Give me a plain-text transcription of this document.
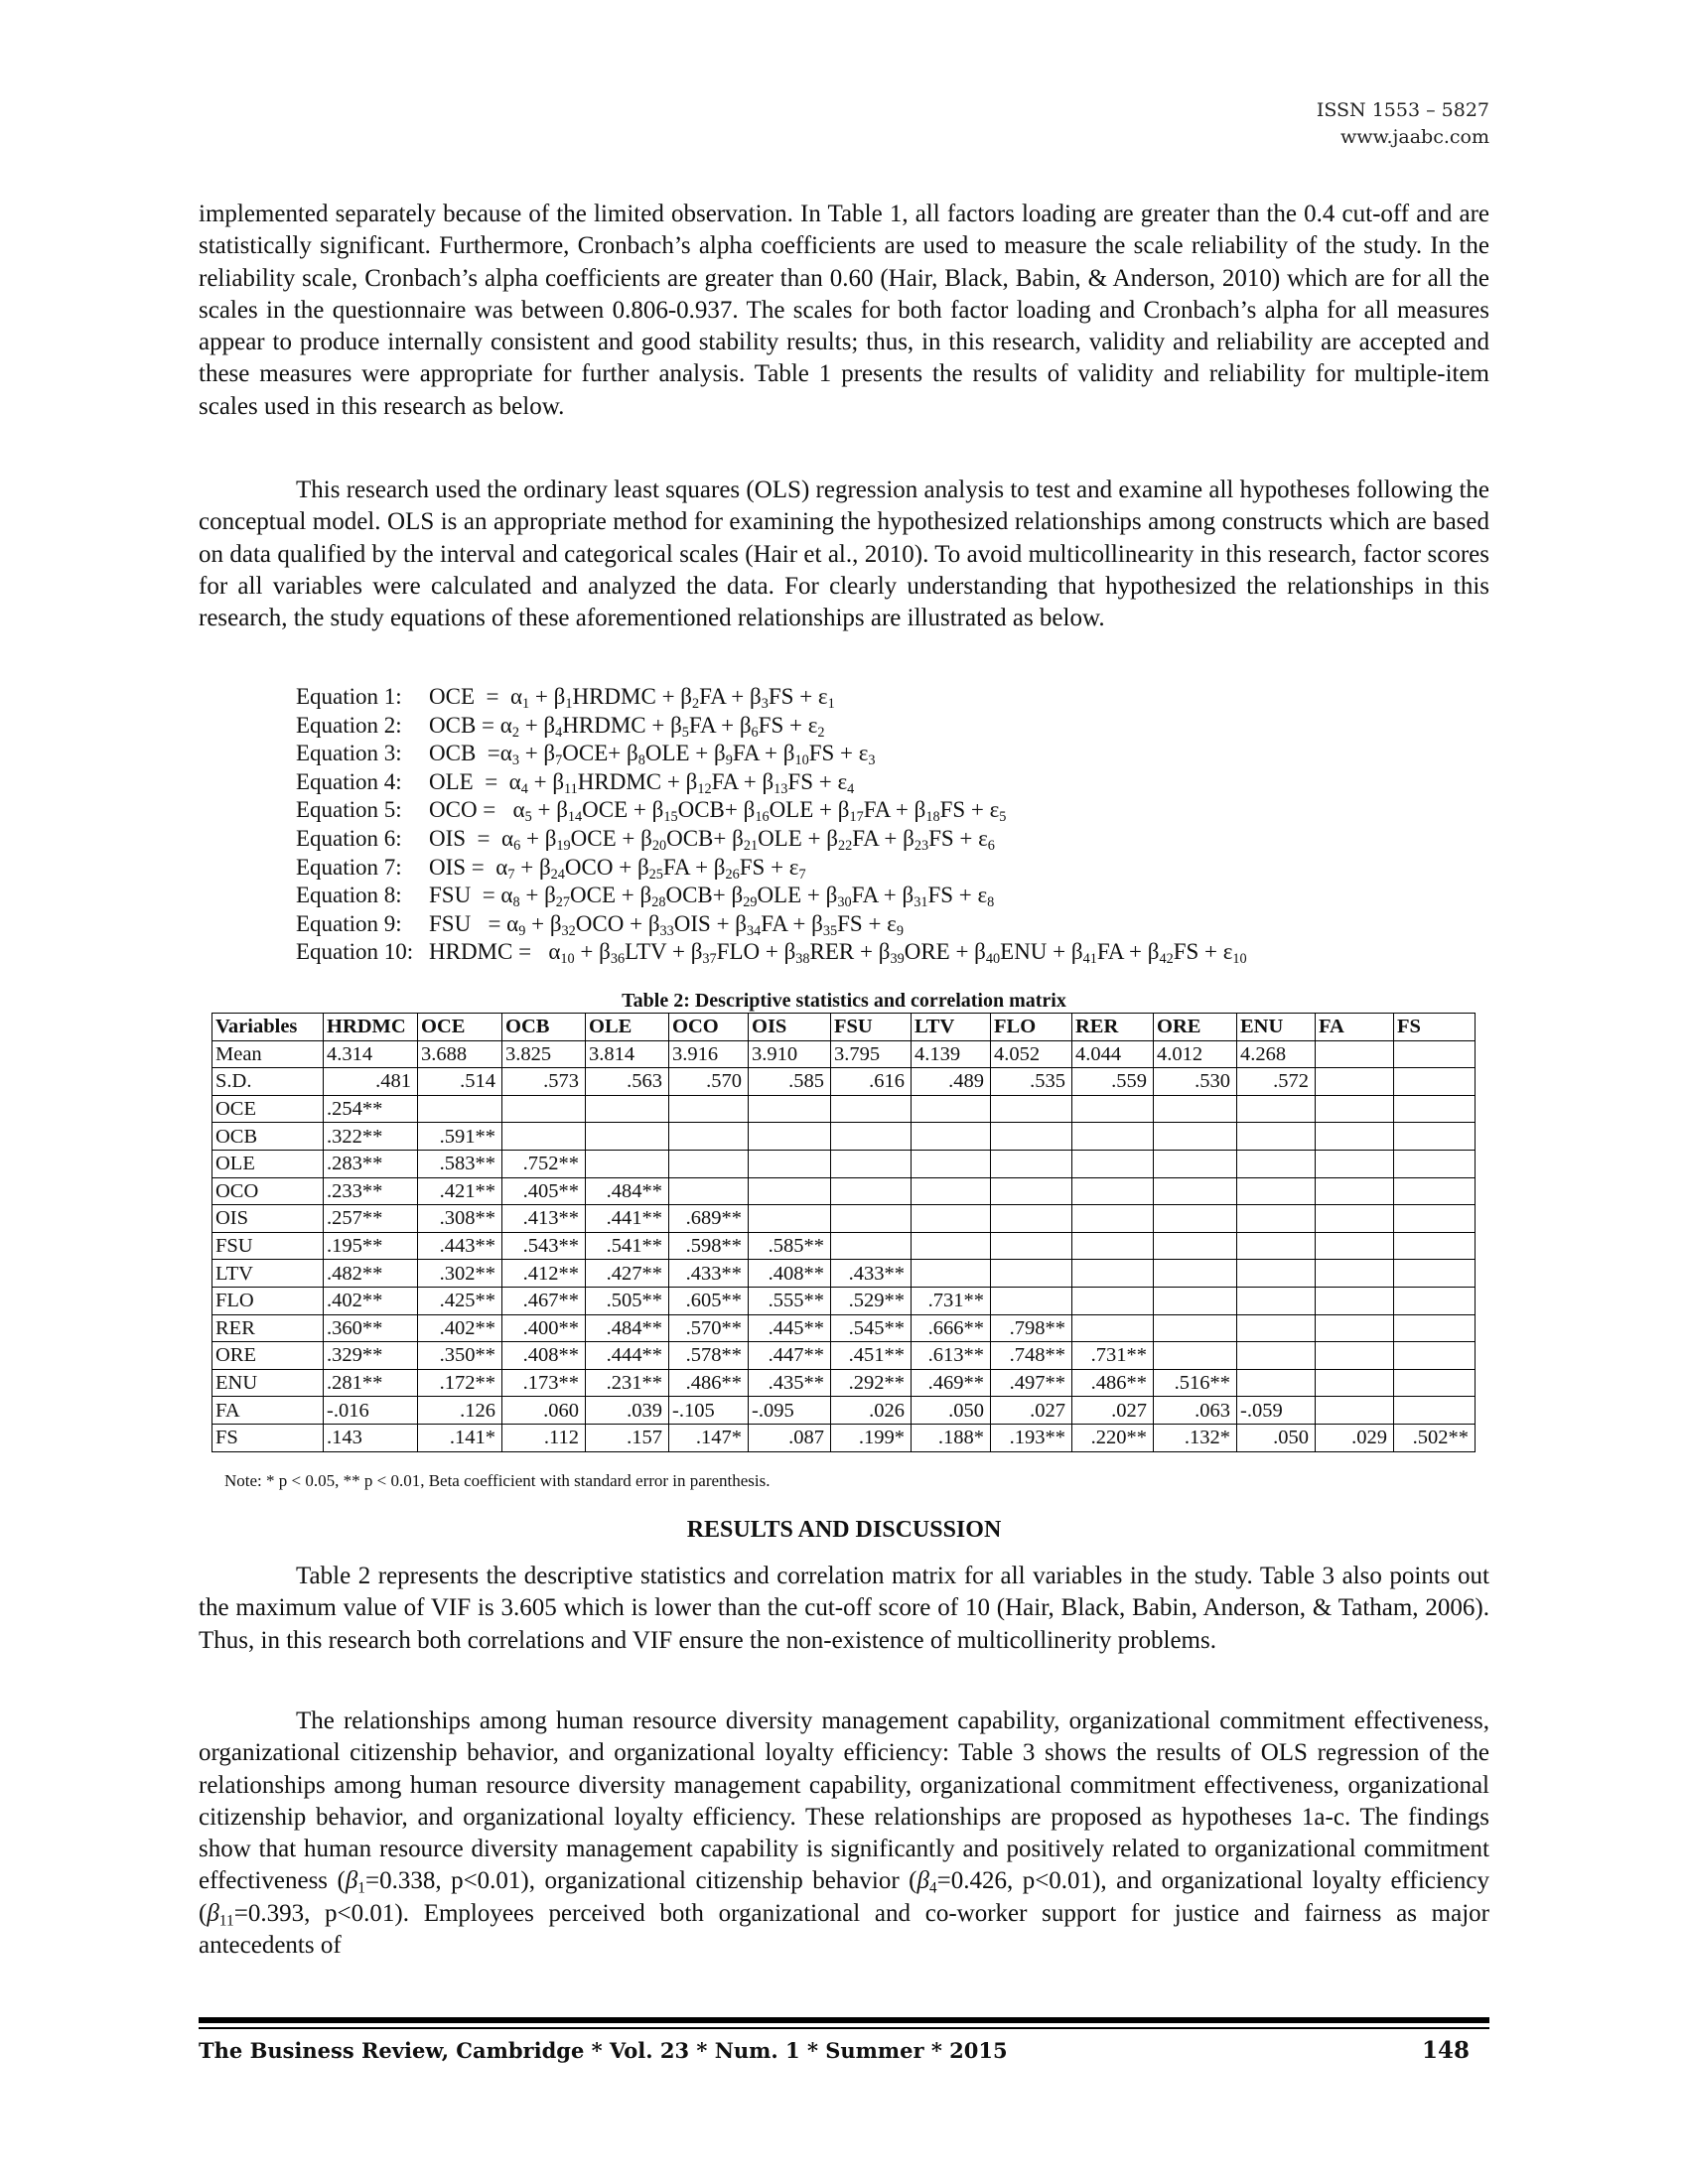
ISSN 1553 – 5827
www.jaabc.com

implemented separately because of the limited observation. In Table 1, all factors loading are greater than the 0.4 cut-off and are statistically significant. Furthermore, Cronbach’s alpha coefficients are used to measure the scale reliability of the study. In the reliability scale, Cronbach’s alpha coefficients are greater than 0.60 (Hair, Black, Babin, & Anderson, 2010) which are for all the scales in the questionnaire was between 0.806-0.937. The scales for both factor loading and Cronbach’s alpha for all measures appear to produce internally consistent and good stability results; thus, in this research, validity and reliability are accepted and these measures were appropriate for further analysis. Table 1 presents the results of validity and reliability for multiple-item scales used in this research as below.

This research used the ordinary least squares (OLS) regression analysis to test and examine all hypotheses following the conceptual model. OLS is an appropriate method for examining the hypothesized relationships among constructs which are based on data qualified by the interval and categorical scales (Hair et al., 2010). To avoid multicollinearity in this research, factor scores for all variables were calculated and analyzed the data. For clearly understanding that hypothesized the relationships in this research, the study equations of these aforementioned relationships are illustrated as below.

Equation 1: OCE  =  $\alpha_1$ + $\beta_1HRDMC + \beta_2FA + \beta_3FS + \varepsilon_1$
Equation 2: OCB = $\alpha_2$ + $\beta_4HRDMC + \beta_5FA + \beta_6FS + \varepsilon_2$
Equation 3: OCB  $=\alpha_3 + \beta_7OCE+ \beta_8OLE + \beta_9FA + \beta_{10}FS + \varepsilon_3$
Equation 4: OLE  =  $\alpha_4$ + $\beta_{11}HRDMC + \beta_{12}FA + \beta_{13}FS + \varepsilon_4$
Equation 5: OCO =   $\alpha_5 + \beta_{14}OCE + \beta_{15}OCB+ \beta_{16}OLE + \beta_{17}FA + \beta_{18}FS + \varepsilon_5$
Equation 6: OIS  =  $\alpha_6 + \beta_{19}OCE + \beta_{20}OCB+ \beta_{21}OLE + \beta_{22}FA + \beta_{23}FS + \varepsilon_6$
Equation 7: OIS =  $\alpha_7 + \beta_{24}OCO + \beta_{25}FA + \beta_{26}FS + \varepsilon_7$
Equation 8: FSU  = $\alpha_8 + \beta_{27}OCE + \beta_{28}OCB+ \beta_{29}OLE + \beta_{30}FA + \beta_{31}FS + \varepsilon_8$
Equation 9: FSU   = $\alpha_9 + \beta_{32}OCO + \beta_{33}OIS + \beta_{34}FA + \beta_{35}FS + \varepsilon_9$
Equation 10: HRDMC =   $\alpha_{10} + \beta_{36}LTV + \beta_{37}FLO + \beta_{38}RER + \beta_{39}ORE + \beta_{40}ENU + \beta_{41}FA + \beta_{42}FS + \varepsilon_{10}$
Table 2: Descriptive statistics and correlation matrix
Variables	HRDMC	OCE	OCB	OLE	OCO	OIS	FSU	LTV	FLO	RER	ORE	ENU	FA	FS
Mean	4.314	3.688	3.825	3.814	3.916	3.910	3.795	4.139	4.052	4.044	4.012	4.268		
S.D.	.481	.514	.573	.563	.570	.585	.616	.489	.535	.559	.530	.572		
OCE	.254**													
OCB	.322**	.591**												
OLE	.283**	.583**	.752**											
OCO	.233**	.421**	.405**	.484**										
OIS	.257**	.308**	.413**	.441**	.689**									
FSU	.195**	.443**	.543**	.541**	.598**	.585**								
LTV	.482**	.302**	.412**	.427**	.433**	.408**	.433**							
FLO	.402**	.425**	.467**	.505**	.605**	.555**	.529**	.731**						
RER	.360**	.402**	.400**	.484**	.570**	.445**	.545**	.666**	.798**					
ORE	.329**	.350**	.408**	.444**	.578**	.447**	.451**	.613**	.748**	.731**				
ENU	.281**	.172**	.173**	.231**	.486**	.435**	.292**	.469**	.497**	.486**	.516**			
FA	-.016	.126	.060	.039	-.105	-.095	.026	.050	.027	.027	.063	-.059		
FS	.143	.141*	.112	.157	.147*	.087	.199*	.188*	.193**	.220**	.132*	.050	.029	.502**
Note: * p < 0.05, ** p < 0.01, Beta coefficient with standard error in parenthesis.
RESULTS AND DISCUSSION

Table 2 represents the descriptive statistics and correlation matrix for all variables in the study. Table 3 also points out the maximum value of VIF is 3.605 which is lower than the cut-off score of 10 (Hair, Black, Babin, Anderson, & Tatham, 2006). Thus, in this research both correlations and VIF ensure the non-existence of multicollinerity problems.

The relationships among human resource diversity management capability, organizational commitment effectiveness, organizational citizenship behavior, and organizational loyalty efficiency: Table 3 shows the results of OLS regression of the relationships among human resource diversity management capability, organizational commitment effectiveness, organizational citizenship behavior, and organizational loyalty efficiency. These relationships are proposed as hypotheses 1a-c. The findings show that human resource diversity management capability is significantly and positively related to organizational commitment effectiveness ($\beta_1=0.338$, p<0.01), organizational citizenship behavior ($\beta_4=0.426$, p<0.01), and organizational loyalty efficiency ($\beta_{11}=0.393$, p<0.01). Employees perceived both organizational and co-worker support for justice and fairness as major antecedents of

The Business Review, Cambridge * Vol. 23 * Num. 1 * Summer * 2015	148
